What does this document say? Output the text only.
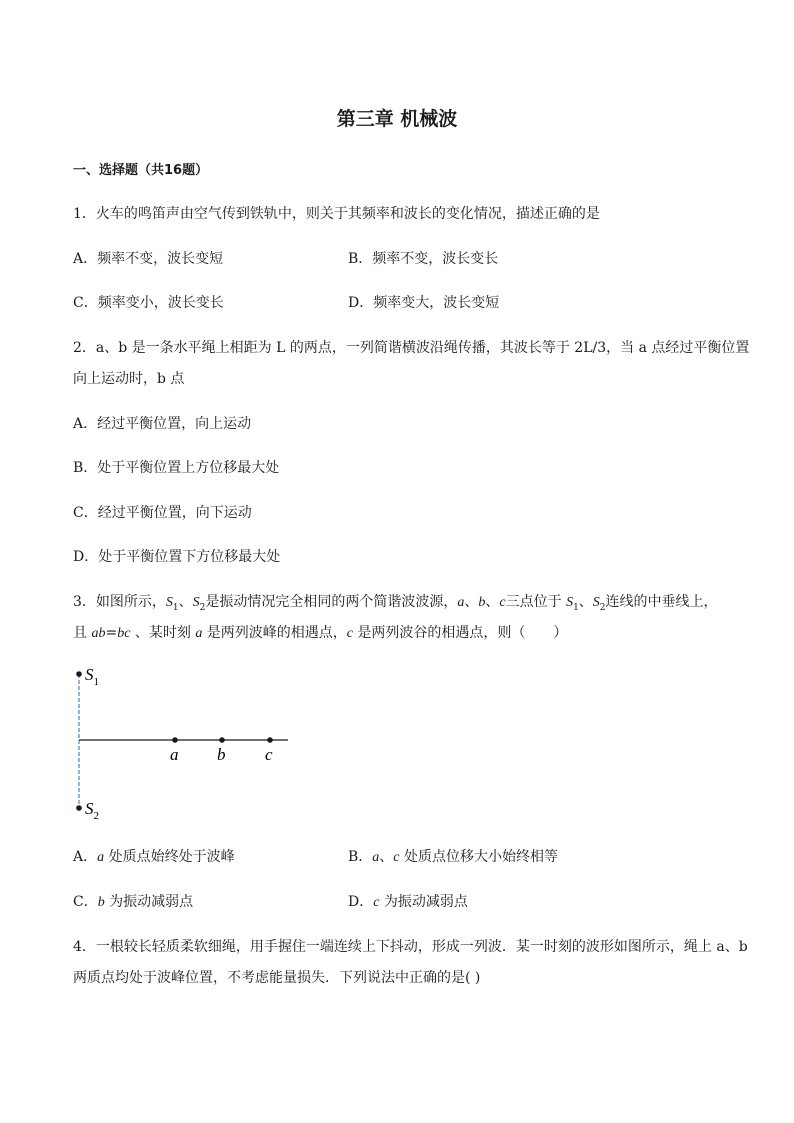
第三章 机械波
一、选择题（共16题）
1．火车的鸣笛声由空气传到铁轨中，则关于其频率和波长的变化情况，描述正确的是
A．频率不变，波长变短	B．频率不变，波长变长
C．频率变小，波长变长	D．频率变大，波长变短
2．a、b 是一条水平绳上相距为 L 的两点，一列简谐横波沿绳传播，其波长等于 2L/3，当 a 点经过平衡位置
向上运动时，b 点
A．经过平衡位置，向上运动
B．处于平衡位置上方位移最大处
C．经过平衡位置，向下运动
D．处于平衡位置下方位移最大处
3．如图所示，$S_1$、$S_2$是振动情况完全相同的两个简谐波波源，a、b、c三点位于 $S_1$、$S_2$连线的中垂线上，
且 ab=bc 、某时刻 a 是两列波峰的相遇点，c 是两列波谷的相遇点，则（　　）
$S_1$
$S_2$
a b c
A．a 处质点始终处于波峰	B．a、c 处质点位移大小始终相等
C．b 为振动减弱点	D．c 为振动减弱点
4．一根较长轻质柔软细绳，用手握住一端连续上下抖动，形成一列波．某一时刻的波形如图所示，绳上 a、b
两质点均处于波峰位置，不考虑能量损失．下列说法中正确的是( )
